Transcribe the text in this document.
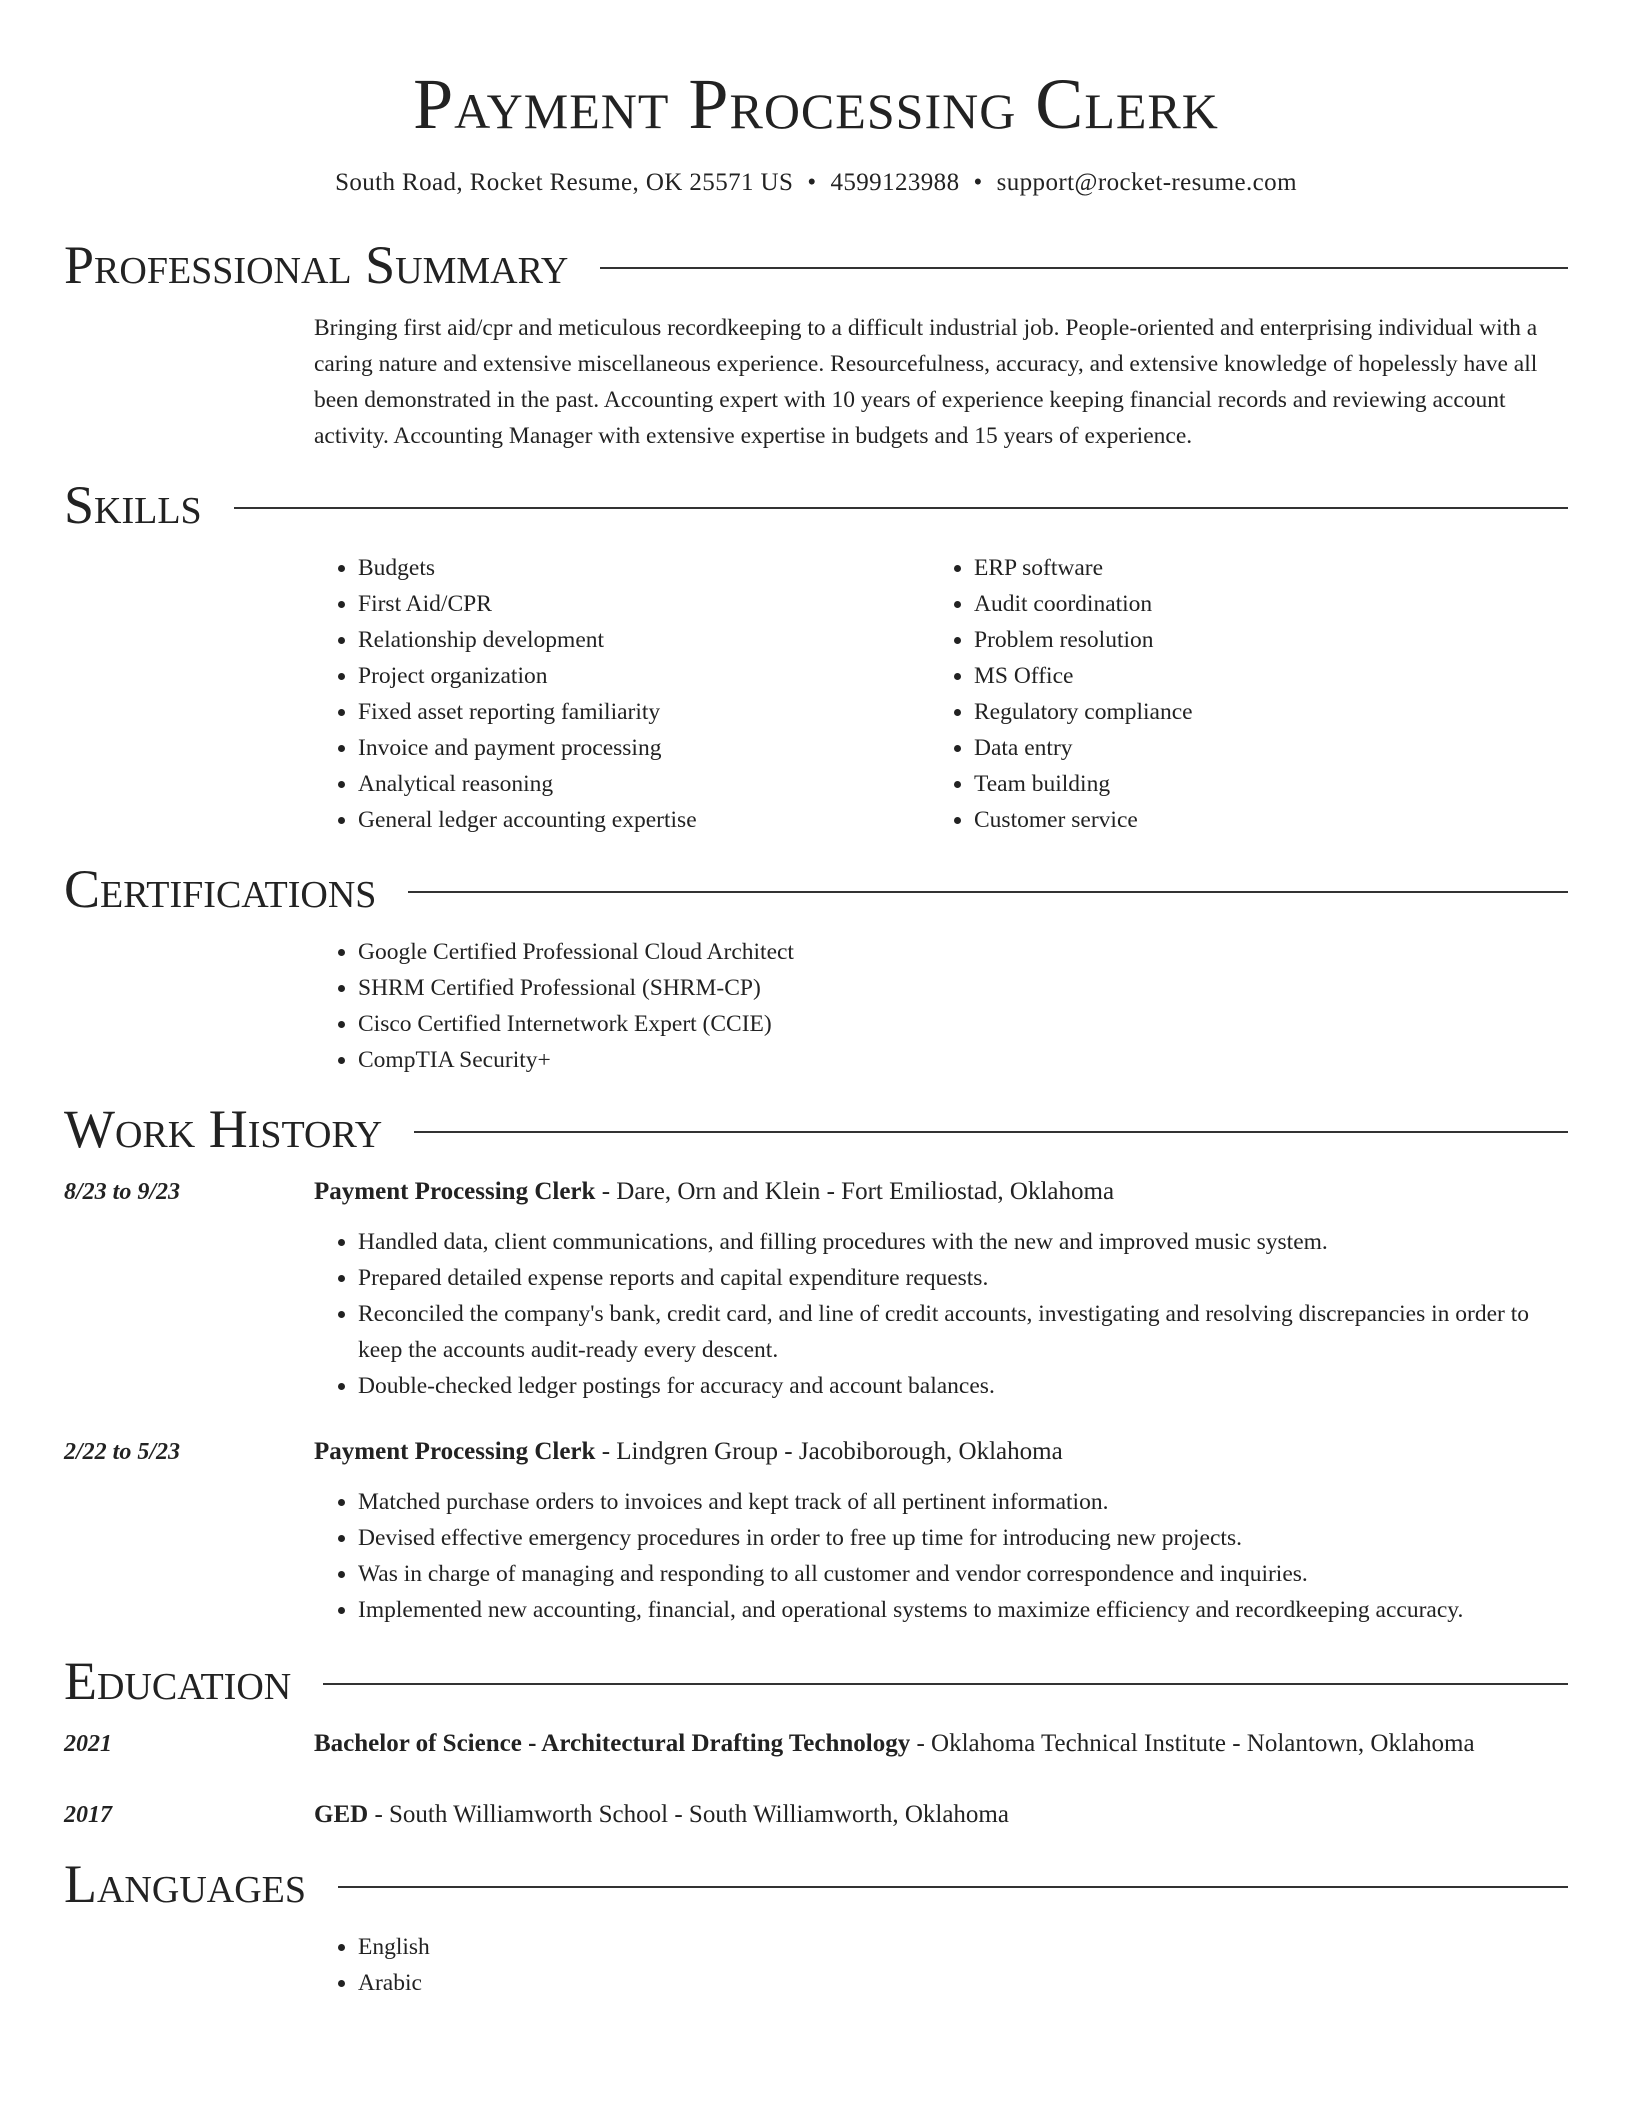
Payment Processing Clerk
South Road, Rocket Resume, OK 25571 US • 4599123988 • support@rocket-resume.com
Professional Summary
Bringing first aid/cpr and meticulous recordkeeping to a difficult industrial job. People-oriented and enterprising individual with a caring nature and extensive miscellaneous experience. Resourcefulness, accuracy, and extensive knowledge of hopelessly have all been demonstrated in the past. Accounting expert with 10 years of experience keeping financial records and reviewing account activity. Accounting Manager with extensive expertise in budgets and 15 years of experience.
Skills
• Budgets
• First Aid/CPR
• Relationship development
• Project organization
• Fixed asset reporting familiarity
• Invoice and payment processing
• Analytical reasoning
• General ledger accounting expertise
• ERP software
• Audit coordination
• Problem resolution
• MS Office
• Regulatory compliance
• Data entry
• Team building
• Customer service
Certifications
• Google Certified Professional Cloud Architect
• SHRM Certified Professional (SHRM-CP)
• Cisco Certified Internetwork Expert (CCIE)
• CompTIA Security+
Work History
8/23 to 9/23	Payment Processing Clerk - Dare, Orn and Klein - Fort Emiliostad, Oklahoma
• Handled data, client communications, and filling procedures with the new and improved music system.
• Prepared detailed expense reports and capital expenditure requests.
• Reconciled the company's bank, credit card, and line of credit accounts, investigating and resolving discrepancies in order to keep the accounts audit-ready every descent.
• Double-checked ledger postings for accuracy and account balances.
2/22 to 5/23	Payment Processing Clerk - Lindgren Group - Jacobiborough, Oklahoma
• Matched purchase orders to invoices and kept track of all pertinent information.
• Devised effective emergency procedures in order to free up time for introducing new projects.
• Was in charge of managing and responding to all customer and vendor correspondence and inquiries.
• Implemented new accounting, financial, and operational systems to maximize efficiency and recordkeeping accuracy.
Education
2021	Bachelor of Science - Architectural Drafting Technology - Oklahoma Technical Institute - Nolantown, Oklahoma
2017	GED - South Williamworth School - South Williamworth, Oklahoma
Languages
• English
• Arabic
